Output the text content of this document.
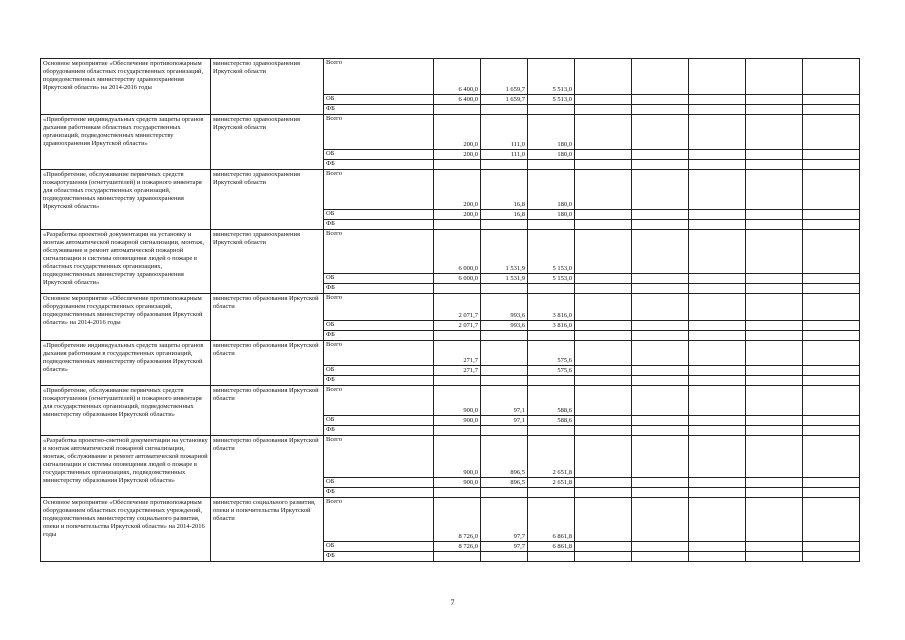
Основное мероприятие «Обеспечение противопожарным оборудованием областных государственных организаций, подведомственных министерству здравоохранения Иркутской области» на 2014-2016 годы	министерство здравоохранения Иркутской области	Всего	6 400,0	1 659,7	5 513,0					
		ОБ	6 400,0	1 659,7	5 513,0					
		ФБ								
«Приобретение индивидуальных средств защиты органов дыхания работникам областных государственных организаций, подведомственных министерству здравоохранения Иркутской области»	министерство здравоохранения Иркутской области	Всего	200,0	111,0	180,0					
		ОБ	200,0	111,0	180,0					
		ФБ								
«Приобретение, обслуживание первичных средств пожаротушения (огнетушителей) и пожарного инвентаря для областных государственных организаций, подведомственных министерству здравоохранения Иркутской области»	министерство здравоохранения Иркутской области	Всего	200,0	16,8	180,0					
		ОБ	200,0	16,8	180,0					
		ФБ								
«Разработка проектной документации на установку и монтаж автоматической пожарной сигнализации, монтаж, обслуживание и ремонт автоматической пожарной сигнализации и системы оповещения людей о пожаре в областных государственных организациях, подведомственных министерству здравоохранения Иркутской области»	министерство здравоохранения Иркутской области	Всего	6 000,0	1 531,9	5 153,0					
		ОБ	6 000,0	1 531,9	5 153,0					
		ФБ								
Основное мероприятие «Обеспечение противопожарным оборудованием государственных организаций, подведомственных министерству образования Иркутской области» на 2014-2016 годы	министерство образования Иркутской области	Всего	2 071,7	993,6	3 816,0					
		ОБ	2 071,7	993,6	3 816,0					
		ФБ								
«Приобретение индивидуальных средств защиты органов дыхания работникам в государственных организаций, подведомственных министерству образования Иркутской области»	министерство образования Иркутской области	Всего	271,7		575,6					
		ОБ	271,7		575,6					
		ФБ								
«Приобретение, обслуживание первичных средств пожаротушения (огнетушителей) и пожарного инвентаря для государственных организаций, подведомственных министерству образования Иркутской области»	министерство образования Иркутской области	Всего	900,0	97,1	588,6					
		ОБ	900,0	97,1	588,6					
		ФБ								
«Разработка проектно-сметной документации на установку и монтаж автоматической пожарной сигнализации, монтаж, обслуживание и ремонт автоматической пожарной сигнализации и системы оповещения людей о пожаре в государственных организациях, подведомственных министерству образования Иркутской области»	министерство образования Иркутской области	Всего	900,0	896,5	2 651,8					
		ОБ	900,0	896,5	2 651,8					
		ФБ								
Основное мероприятие «Обеспечение противопожарным оборудованием областных государственных учреждений, подведомственных министерству социального развития, опеки и попечительства Иркутской области» на 2014-2016 годы	министерство социального развития, опеки и попечительства Иркутской области	Всего	8 726,0	97,7	6 861,8					
		ОБ	8 726,0	97,7	6 861,8					
		ФБ								
7
